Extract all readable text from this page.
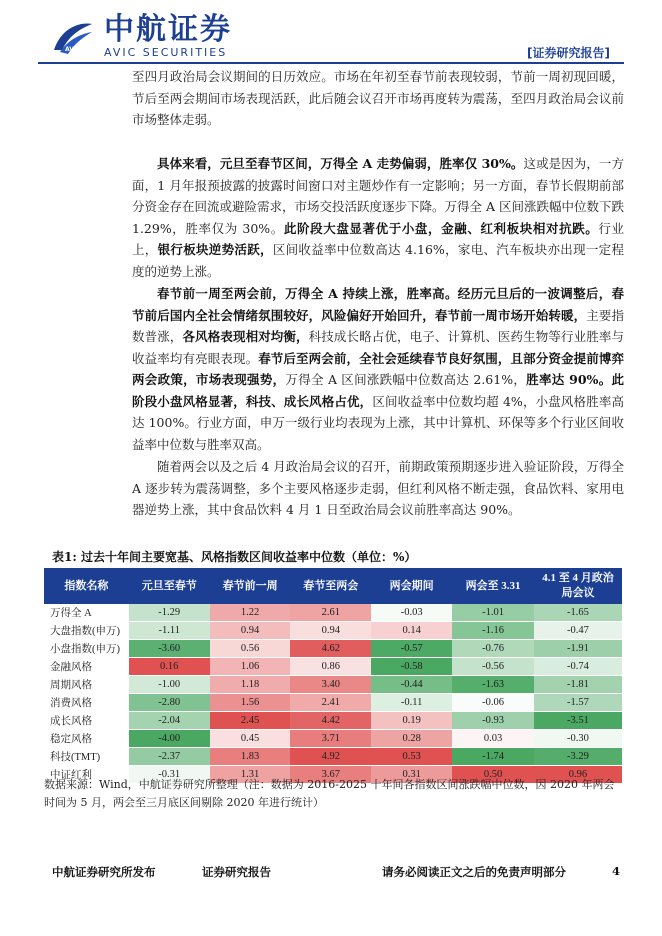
AVIC
中航证券
AVIC SECURITIES	[证券研究报告]

至四月政治局会议期间的日历效应。市场在年初至春节前表现较弱，节前一周初现回暖，节后至两会期间市场表现活跃，此后随会议召开市场再度转为震荡，至四月政治局会议前市场整体走弱。

具体来看，元旦至春节区间，万得全 A 走势偏弱，胜率仅 30%。这或是因为，一方面，1 月年报预披露的披露时间窗口对主题炒作有一定影响；另一方面，春节长假期前部分资金存在回流或避险需求，市场交投活跃度逐步下降。万得全 A 区间涨跌幅中位数下跌 1.29%，胜率仅为 30%。此阶段大盘显著优于小盘，金融、红利板块相对抗跌。行业上，银行板块逆势活跃，区间收益率中位数高达 4.16%，家电、汽车板块亦出现一定程度的逆势上涨。

春节前一周至两会前，万得全 A 持续上涨，胜率高。经历元旦后的一波调整后，春节前后国内全社会情绪氛围较好，风险偏好开始回升，春节前一周市场开始转暖，主要指数普涨，各风格表现相对均衡，科技成长略占优，电子、计算机、医药生物等行业胜率与收益率均有亮眼表现。春节后至两会前，全社会延续春节良好氛围，且部分资金提前博弈两会政策，市场表现强势，万得全 A 区间涨跌幅中位数高达 2.61%，胜率达 90%。此阶段小盘风格显著，科技、成长风格占优，区间收益率中位数均超 4%，小盘风格胜率高达 100%。行业方面，申万一级行业均表现为上涨，其中计算机、环保等多个行业区间收益率中位数与胜率双高。

随着两会以及之后 4 月政治局会议的召开，前期政策预期逐步进入验证阶段，万得全 A 逐步转为震荡调整，多个主要风格逐步走弱，但红利风格不断走强，食品饮料、家用电器逆势上涨，其中食品饮料 4 月 1 日至政治局会议前胜率高达 90%。

表1: 过去十年间主要宽基、风格指数区间收益率中位数（单位：%）
指数名称	元旦至春节	春节前一周	春节至两会	两会期间	两会至 3.31	4.1 至 4 月政治局会议
万得全 A	-1.29	1.22	2.61	-0.03	-1.01	-1.65
大盘指数(申万)	-1.11	0.94	0.94	0.14	-1.16	-0.47
小盘指数(申万)	-3.60	0.56	4.62	-0.57	-0.76	-1.91
金融风格	0.16	1.06	0.86	-0.58	-0.56	-0.74
周期风格	-1.00	1.18	3.40	-0.44	-1.63	-1.81
消费风格	-2.80	1.56	2.41	-0.11	-0.06	-1.57
成长风格	-2.04	2.45	4.42	0.19	-0.93	-3.51
稳定风格	-4.00	0.45	3.71	0.28	0.03	-0.30
科技(TMT)	-2.37	1.83	4.92	0.53	-1.74	-3.29
中证红利	-0.31	1.31	3.67	0.31	0.50	0.96
数据来源：Wind，中航证券研究所整理（注：数据为 2016-2025 十年间各指数区间涨跌幅中位数，因 2020 年两会时间为 5 月，两会至三月底区间剔除 2020 年进行统计）
中航证券研究所发布	证券研究报告	请务必阅读正文之后的免责声明部分	4
